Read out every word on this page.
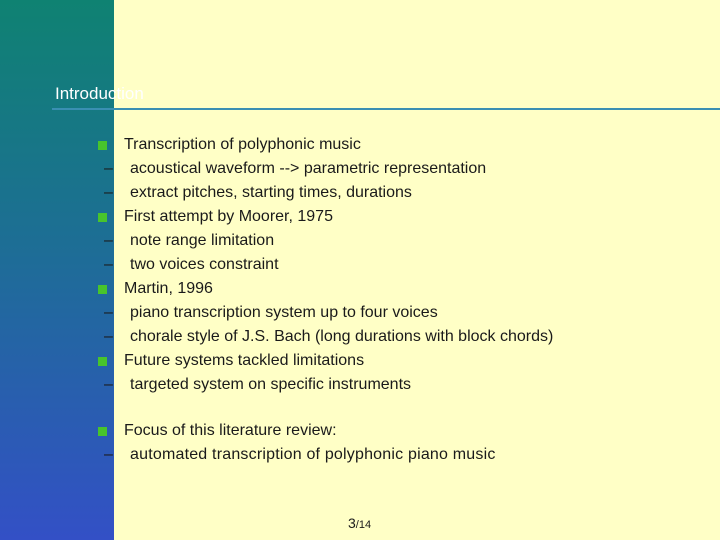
Introduction
Transcription of polyphonic music
– acoustical waveform --> parametric representation
– extract pitches, starting times, durations
First attempt by Moorer, 1975
– note range limitation
– two voices constraint
Martin, 1996
– piano transcription system up to four voices
– chorale style of J.S. Bach (long durations with block chords)
Future systems tackled limitations
– targeted system on specific instruments
Focus of this literature review:
– automated transcription of polyphonic piano music
3/14
